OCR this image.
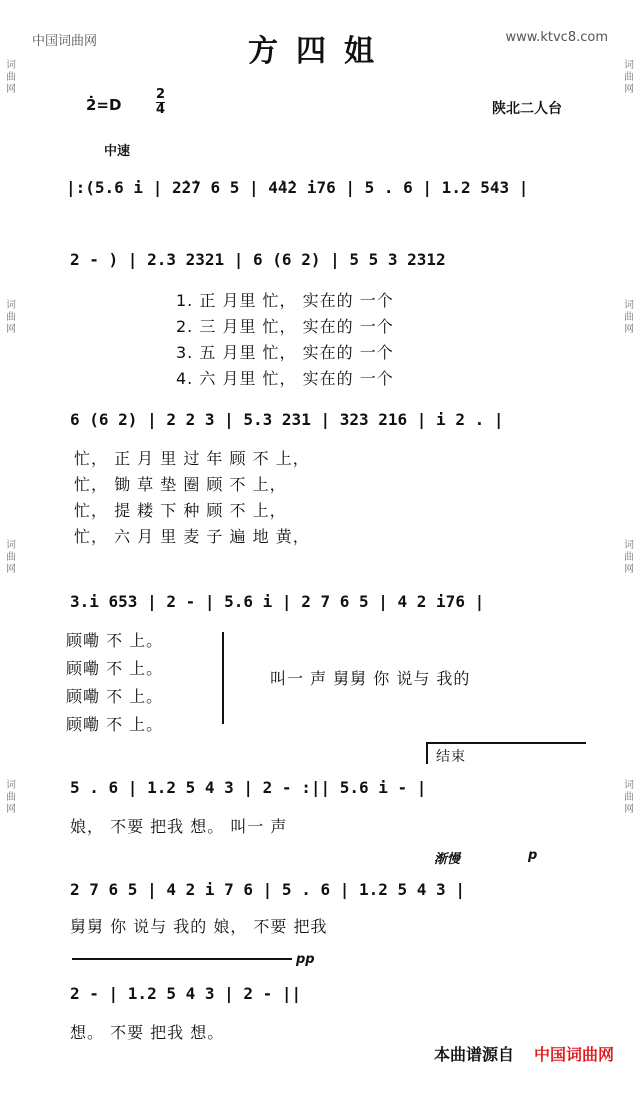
中国词曲网	www.ktvc8.com
方四姐
2̇=D
2
4	陕北二人台
中速
词
曲
网
词
曲
网
词
曲
网
词
曲
网
词
曲
网
词
曲
网
词
曲
网
词
曲
网
|:(5.6 i | 2̇2̇7 6 5 | 4̇4̇2 i76 | 5 . 6 | 1.2 543 |
2 - ) | 2.3 2321 | 6 (6 2) | 5 5 3 2312
1. 正 月里 忙， 实在的 一个
2. 三 月里 忙， 实在的 一个
3. 五 月里 忙， 实在的 一个
4. 六 月里 忙， 实在的 一个
6 (6 2) | 2 2 3 | 5.3 231 | 323 216 | i 2 . |
忙， 正 月 里 过 年 顾 不 上，
忙， 锄 草 垫 圈 顾 不 上，
忙， 提 耧 下 种 顾 不 上，
忙， 六 月 里 麦 子 遍 地 黄，
3.i 653 | 2 - | 5.6 i | 2 7 6 5 | 4 2 i76 |
顾嘞 不 上。
顾嘞 不 上。
顾嘞 不 上。
顾嘞 不 上。
叫一 声 舅舅 你 说与 我的
结束
5 . 6 | 1.2 5 4 3 | 2 - :|| 5.6 i - |
娘， 不要 把我 想。 叫一 声
渐慢	p
2 7 6 5 | 4 2 i 7 6 | 5 . 6 | 1.2 5 4 3 |
舅舅 你 说与 我的 娘， 不要 把我
pp
2 - | 1.2 5 4 3 | 2 - ||
想。 不要 把我 想。
本曲谱源自 中国词曲网
